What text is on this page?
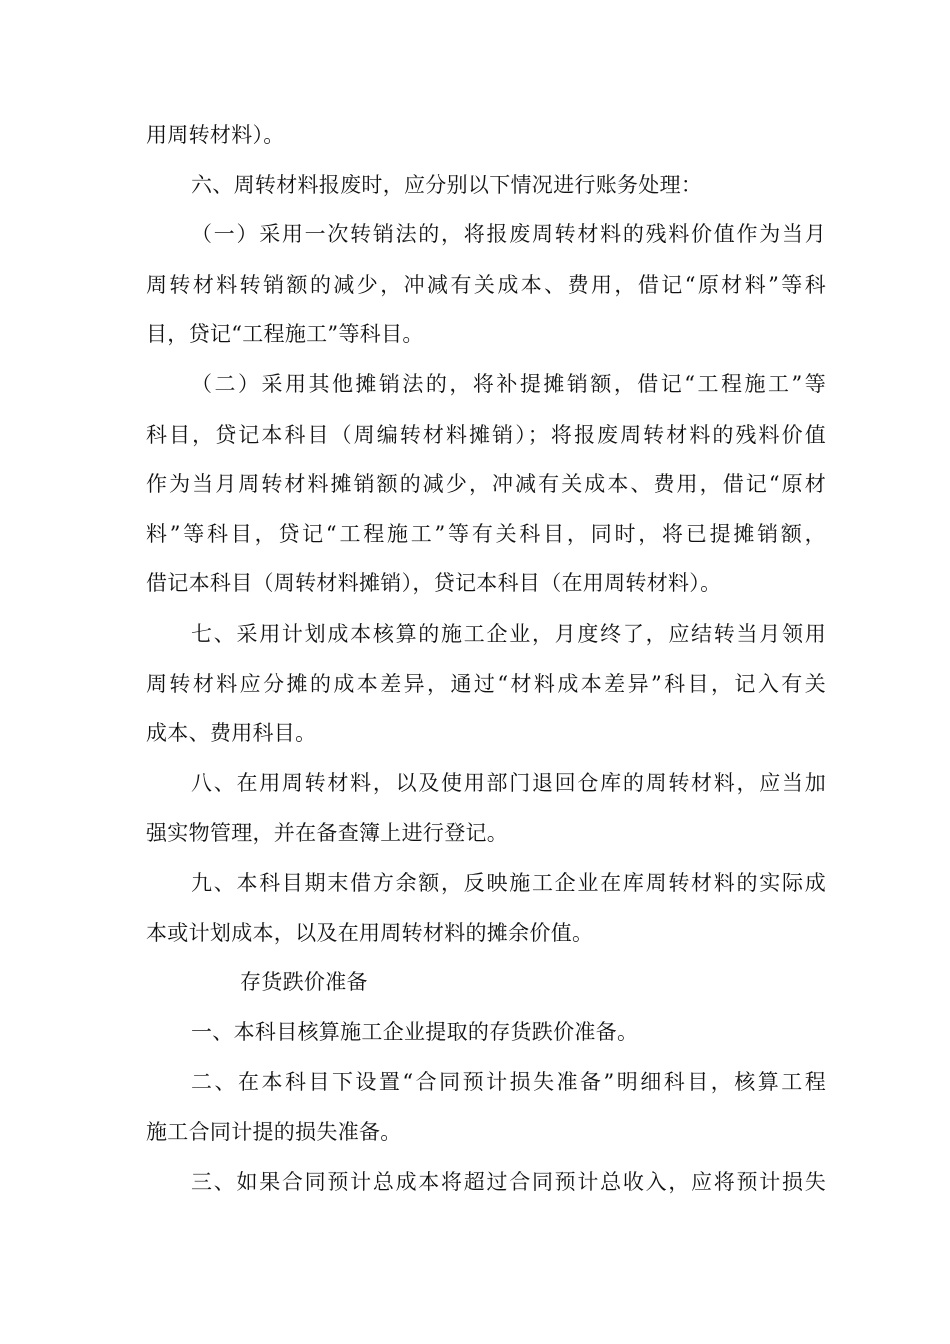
用周转材料）。
六、周转材料报废时，应分别以下情况进行账务处理：
（一）采用一次转销法的，将报废周转材料的残料价值作为当月
周转材料转销额的减少，冲减有关成本、费用，借记“原材料”等科
目，贷记“工程施工”等科目。
（二）采用其他摊销法的，将补提摊销额，借记“工程施工”等
科目，贷记本科目（周编转材料摊销）；将报废周转材料的残料价值
作为当月周转材料摊销额的减少，冲减有关成本、费用，借记“原材
料”等科目，贷记“工程施工”等有关科目，同时，将已提摊销额，
借记本科目（周转材料摊销），贷记本科目（在用周转材料）。
七、采用计划成本核算的施工企业，月度终了，应结转当月领用
周转材料应分摊的成本差异，通过“材料成本差异”科目，记入有关
成本、费用科目。
八、在用周转材料，以及使用部门退回仓库的周转材料，应当加
强实物管理，并在备查簿上进行登记。
九、本科目期末借方余额，反映施工企业在库周转材料的实际成
本或计划成本，以及在用周转材料的摊余价值。
存货跌价准备
一、本科目核算施工企业提取的存货跌价准备。
二、在本科目下设置“合同预计损失准备”明细科目，核算工程
施工合同计提的损失准备。
三、如果合同预计总成本将超过合同预计总收入，应将预计损失
